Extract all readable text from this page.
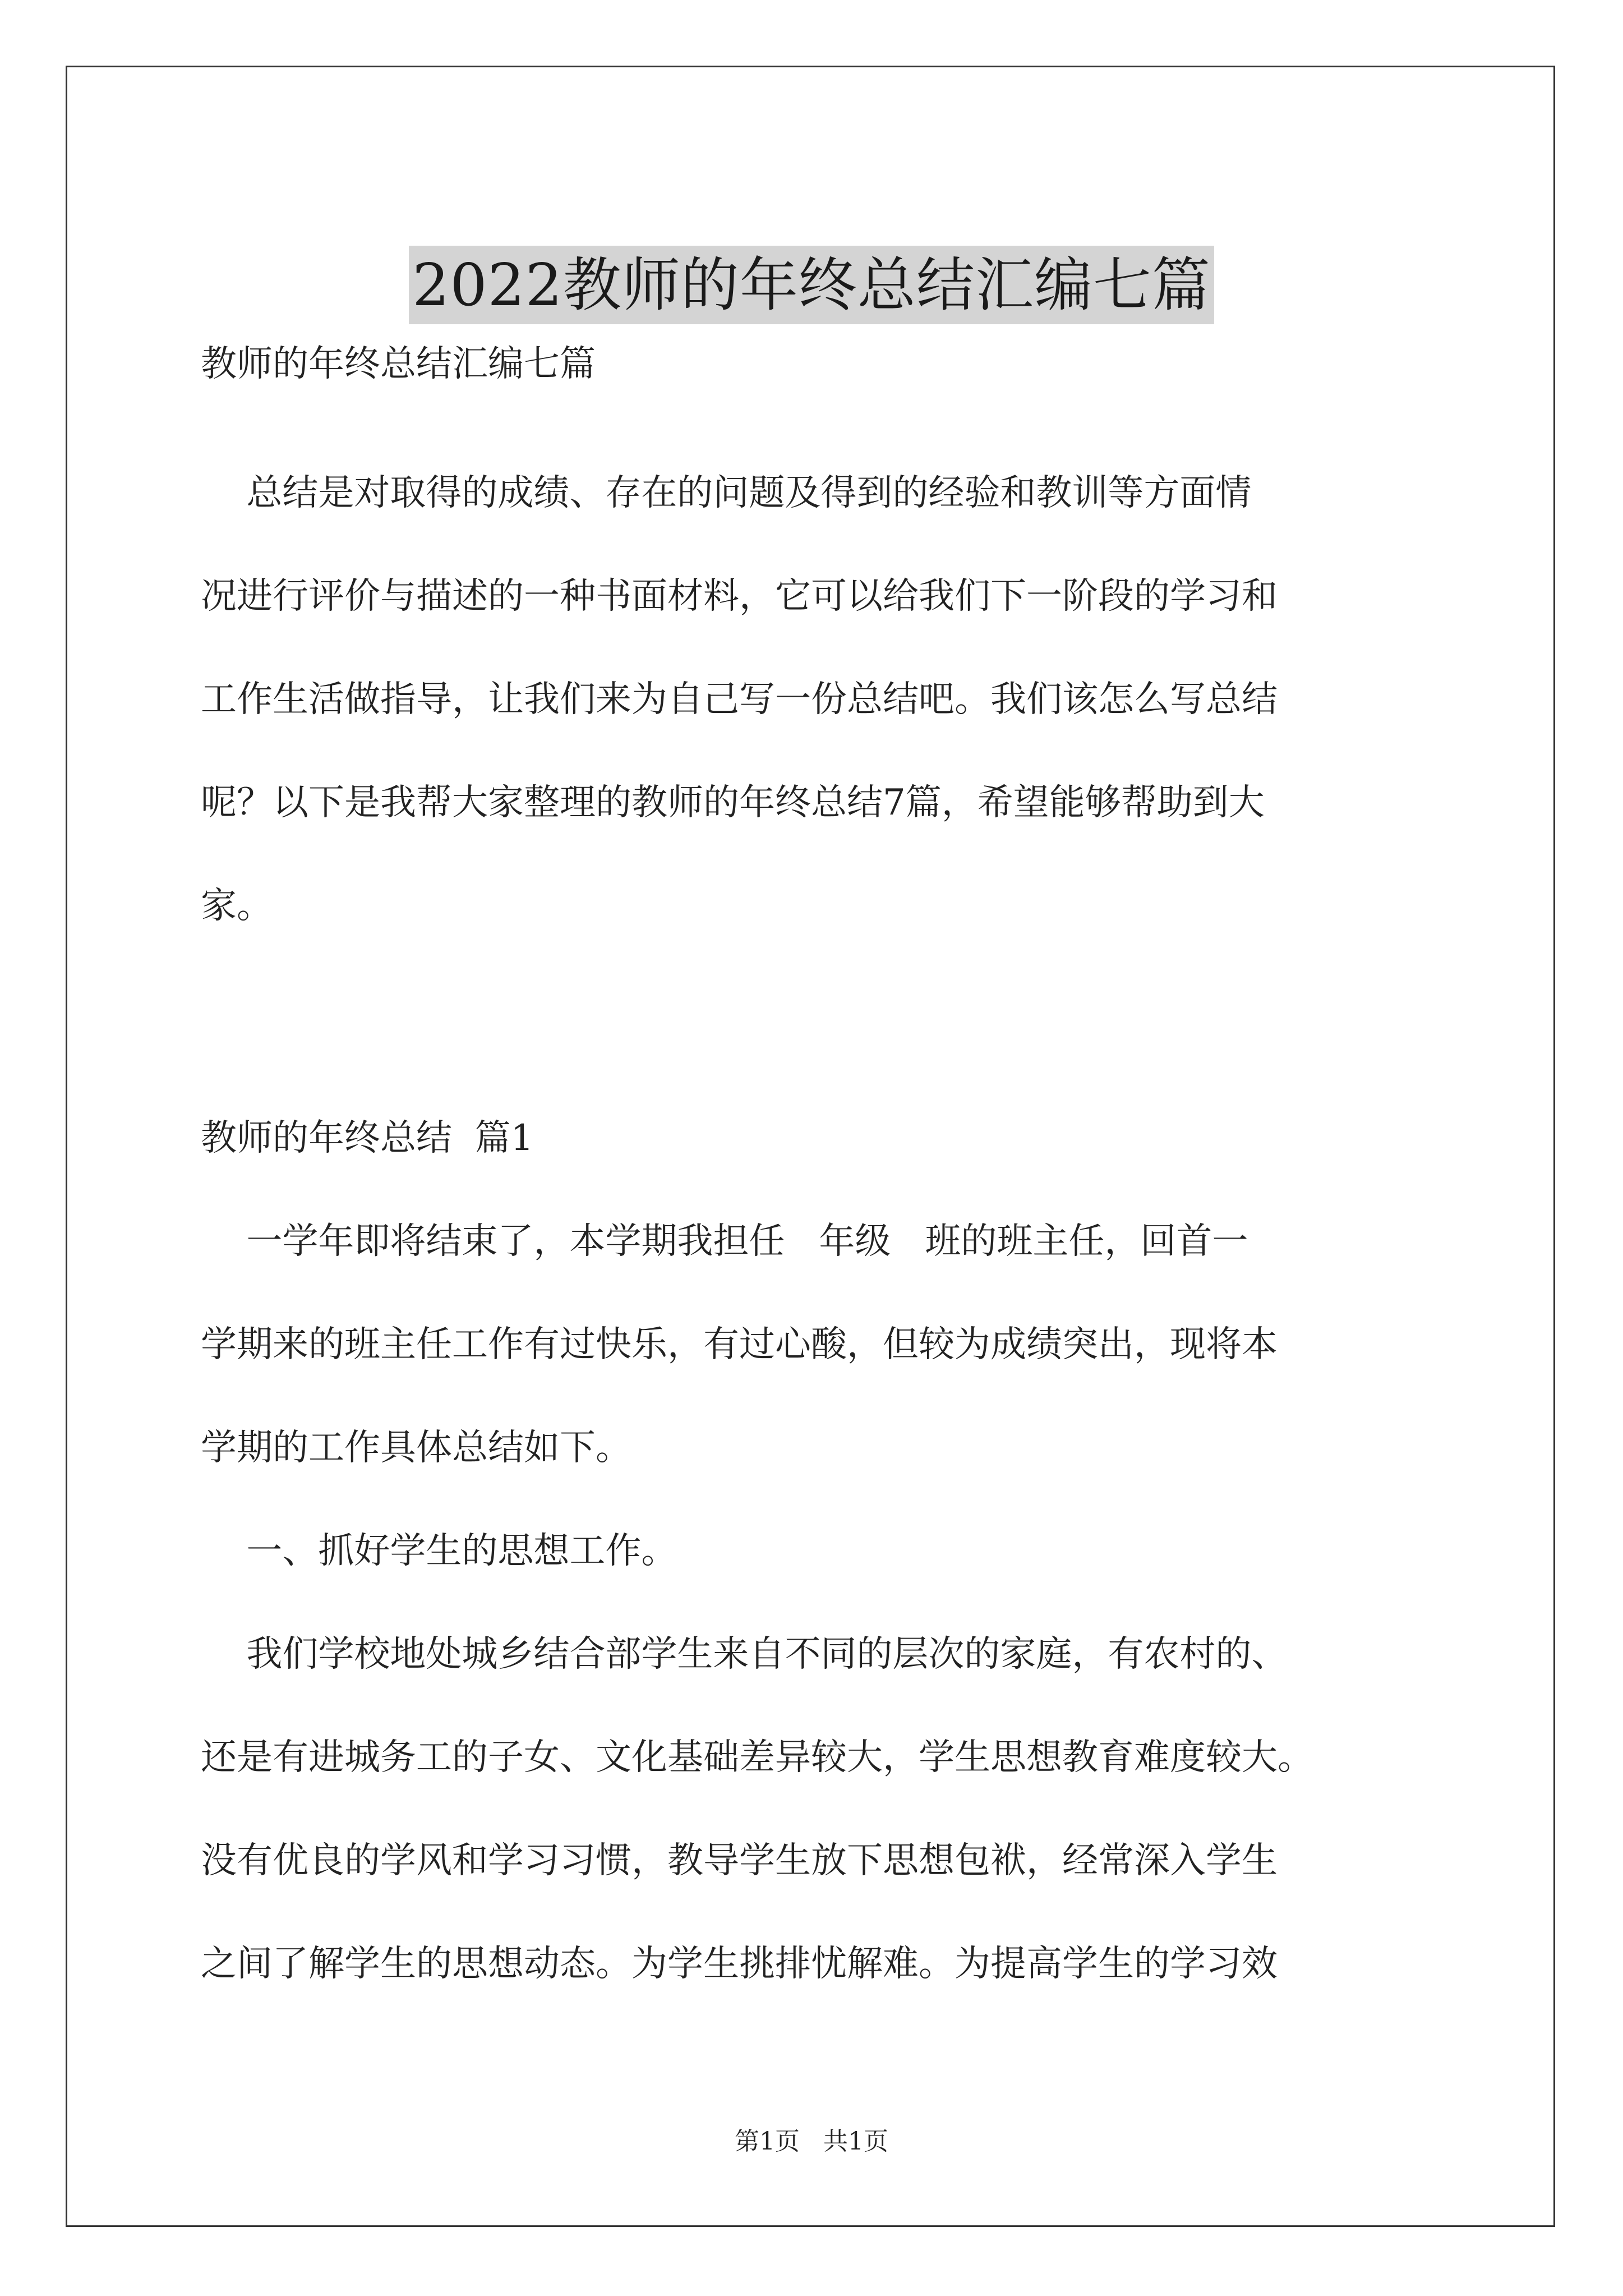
2022教师的年终总结汇编七篇

教师的年终总结汇编七篇

总结是对取得的成绩、存在的问题及得到的经验和教训等方面情

况进行评价与描述的一种书面材料，它可以给我们下一阶段的学习和

工作生活做指导，让我们来为自己写一份总结吧。我们该怎么写总结

呢？以下是我帮大家整理的教师的年终总结7篇，希望能够帮助到大

家。

教师的年终总结  篇1

一学年即将结束了，本学期我担任   年级   班的班主任，回首一

学期来的班主任工作有过快乐，有过心酸，但较为成绩突出，现将本

学期的工作具体总结如下。

一、抓好学生的思想工作。

我们学校地处城乡结合部学生来自不同的层次的家庭，有农村的、

还是有进城务工的子女、文化基础差异较大，学生思想教育难度较大。

没有优良的学风和学习习惯，教导学生放下思想包袱，经常深入学生

之间了解学生的思想动态。为学生挑排忧解难。为提高学生的学习效

第1页   共1页
